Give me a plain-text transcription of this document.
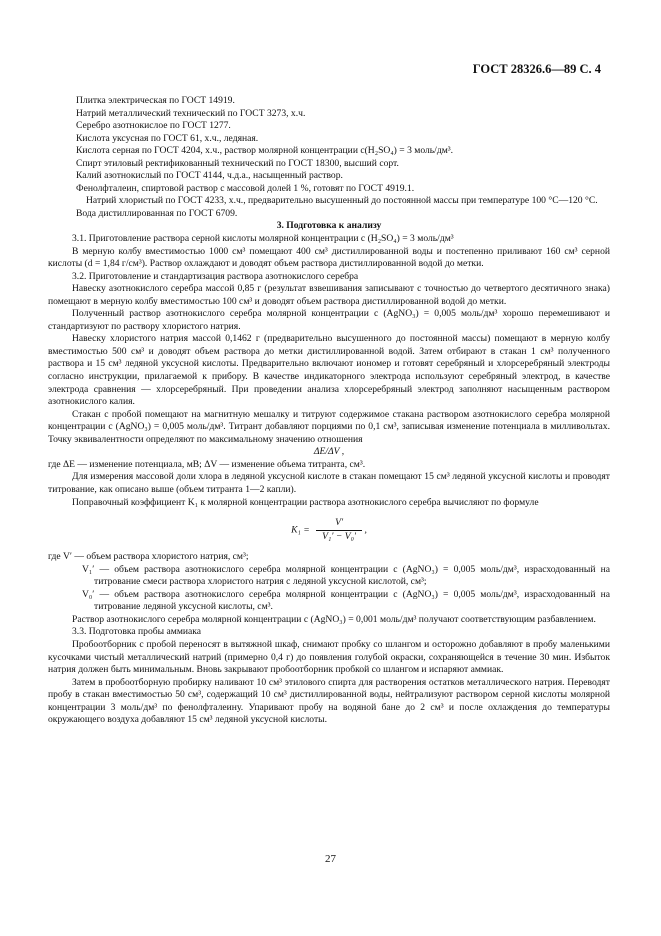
ГОСТ 28326.6—89 С. 4

Плитка электрическая по ГОСТ 14919.

Натрий металлический технический по ГОСТ 3273, х.ч.

Серебро азотнокислое по ГОСТ 1277.

Кислота уксусная по ГОСТ 61, х.ч., ледяная.

Кислота серная по ГОСТ 4204, х.ч., раствор молярной концентрации c(H₂SO₄) = 3 моль/дм³.

Спирт этиловый ректификованный технический по ГОСТ 18300, высший сорт.

Калий азотнокислый по ГОСТ 4144, ч.д.а., насыщенный раствор.

Фенолфталеин, спиртовой раствор с массовой долей 1 %, готовят по ГОСТ 4919.1.

Натрий хлористый по ГОСТ 4233, х.ч., предварительно высушенный до постоянной массы при температуре 100 °С—120 °С.

Вода дистиллированная по ГОСТ 6709.

3. Подготовка к анализу

3.1. Приготовление раствора серной кислоты молярной концентрации c (H₂SO₄) = 3 моль/дм³

В мерную колбу вместимостью 1000 см³ помещают 400 см³ дистиллированной воды и постепенно приливают 160 см³ серной кислоты (d = 1,84 г/см³). Раствор охлаждают и доводят объем раствора дистиллированной водой до метки.

3.2. Приготовление и стандартизация раствора азотнокислого серебра

Навеску азотнокислого серебра массой 0,85 г (результат взвешивания записывают с точностью до четвертого десятичного знака) помещают в мерную колбу вместимостью 100 см³ и доводят объем раствора дистиллированной водой до метки.

Полученный раствор азотнокислого серебра молярной концентрации c (AgNO₃) = 0,005 моль/дм³ хорошо перемешивают и стандартизуют по раствору хлористого натрия.

Навеску хлористого натрия массой 0,1462 г (предварительно высушенного до постоянной массы) помещают в мерную колбу вместимостью 500 см³ и доводят объем раствора до метки дистиллированной водой. Затем отбирают в стакан 1 см³ полученного раствора и 15 см³ ледяной уксусной кислоты. Предварительно включают иономер и готовят серебряный и хлорсеребряный электроды согласно инструкции, прилагаемой к прибору. В качестве индикаторного электрода используют серебряный электрод, в качестве электрода сравнения — хлорсеребряный. При проведении анализа хлорсеребряный электрод заполняют насыщенным раствором азотнокислого калия.

Стакан с пробой помещают на магнитную мешалку и титруют содержимое стакана раствором азотнокислого серебра молярной концентрации c (AgNO₃) = 0,005 моль/дм³. Титрант добавляют порциями по 0,1 см³, записывая изменение потенциала в милливольтах. Точку эквивалентности определяют по максимальному значению отношения

ΔE/ΔV ,

где ΔE — изменение потенциала, мВ; ΔV — изменение объема титранта, см³.

Для измерения массовой доли хлора в ледяной уксусной кислоте в стакан помещают 15 см³ ледяной уксусной кислоты и проводят титрование, как описано выше (объем титранта 1—2 капли).

Поправочный коэффициент K₁ к молярной концентрации раствора азотнокислого серебра вычисляют по формуле

$K_1 = \frac{V'}{\text{V₁′ − V₀′}}$ ,

где V′ — объем раствора хлористого натрия, см³;

V₁′ — объем раствора азотнокислого серебра молярной концентрации c (AgNO₃) = 0,005 моль/дм³, израсходованный на титрование смеси раствора хлористого натрия с ледяной уксусной кислотой, см³;

V₀′ — объем раствора азотнокислого серебра молярной концентрации c (AgNO₃) = 0,005 моль/дм³, израсходованный на титрование ледяной уксусной кислоты, см³.

Раствор азотнокислого серебра молярной концентрации c (AgNO₃) = 0,001 моль/дм³ получают соответствующим разбавлением.

3.3. Подготовка пробы аммиака

Пробоотборник с пробой переносят в вытяжной шкаф, снимают пробку со шлангом и осторожно добавляют в пробу маленькими кусочками чистый металлический натрий (примерно 0,4 г) до появления голубой окраски, сохраняющейся в течение 30 мин. Избыток натрия должен быть минимальным. Вновь закрывают пробоотборник пробкой со шлангом и испаряют аммиак.

Затем в пробоотборную пробирку наливают 10 см³ этилового спирта для растворения остатков металлического натрия. Переводят пробу в стакан вместимостью 50 см³, содержащий 10 см³ дистиллированной воды, нейтрализуют раствором серной кислоты молярной концентрации 3 моль/дм³ по фенолфталеину. Упаривают пробу на водяной бане до 2 см³ и после охлаждения до температуры окружающего воздуха добавляют 15 см³ ледяной уксусной кислоты.

27
